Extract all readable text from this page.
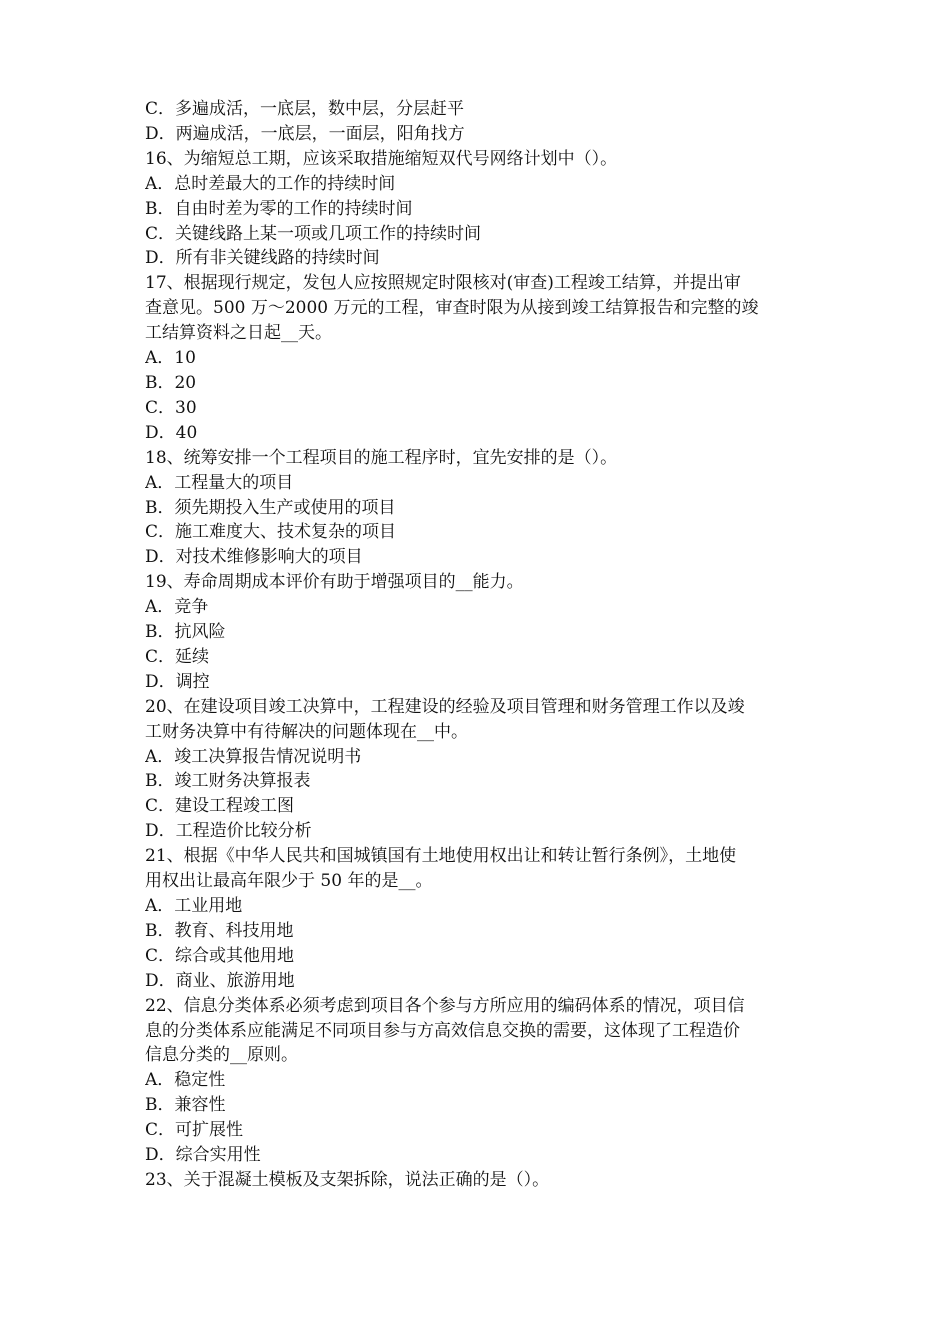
C．多遍成活，一底层，数中层，分层赶平
D．两遍成活，一底层，一面层，阳角找方
16、为缩短总工期，应该采取措施缩短双代号网络计划中（）。
A．总时差最大的工作的持续时间
B．自由时差为零的工作的持续时间
C．关键线路上某一项或几项工作的持续时间
D．所有非关键线路的持续时间
17、根据现行规定，发包人应按照规定时限核对(审查)工程竣工结算，并提出审
查意见。500 万～2000 万元的工程，审查时限为从接到竣工结算报告和完整的竣
工结算资料之日起__天。
A．10
B．20
C．30
D．40
18、统筹安排一个工程项目的施工程序时，宜先安排的是（）。
A．工程量大的项目
B．须先期投入生产或使用的项目
C．施工难度大、技术复杂的项目
D．对技术维修影响大的项目
19、寿命周期成本评价有助于增强项目的__能力。
A．竞争
B．抗风险
C．延续
D．调控
20、在建设项目竣工决算中，工程建设的经验及项目管理和财务管理工作以及竣
工财务决算中有待解决的问题体现在__中。
A．竣工决算报告情况说明书
B．竣工财务决算报表
C．建设工程竣工图
D．工程造价比较分析
21、根据《中华人民共和国城镇国有土地使用权出让和转让暂行条例》，土地使
用权出让最高年限少于 50 年的是__。
A．工业用地
B．教育、科技用地
C．综合或其他用地
D．商业、旅游用地
22、信息分类体系必须考虑到项目各个参与方所应用的编码体系的情况，项目信
息的分类体系应能满足不同项目参与方高效信息交换的需要，这体现了工程造价
信息分类的__原则。
A．稳定性
B．兼容性
C．可扩展性
D．综合实用性
23、关于混凝土模板及支架拆除，说法正确的是（）。
